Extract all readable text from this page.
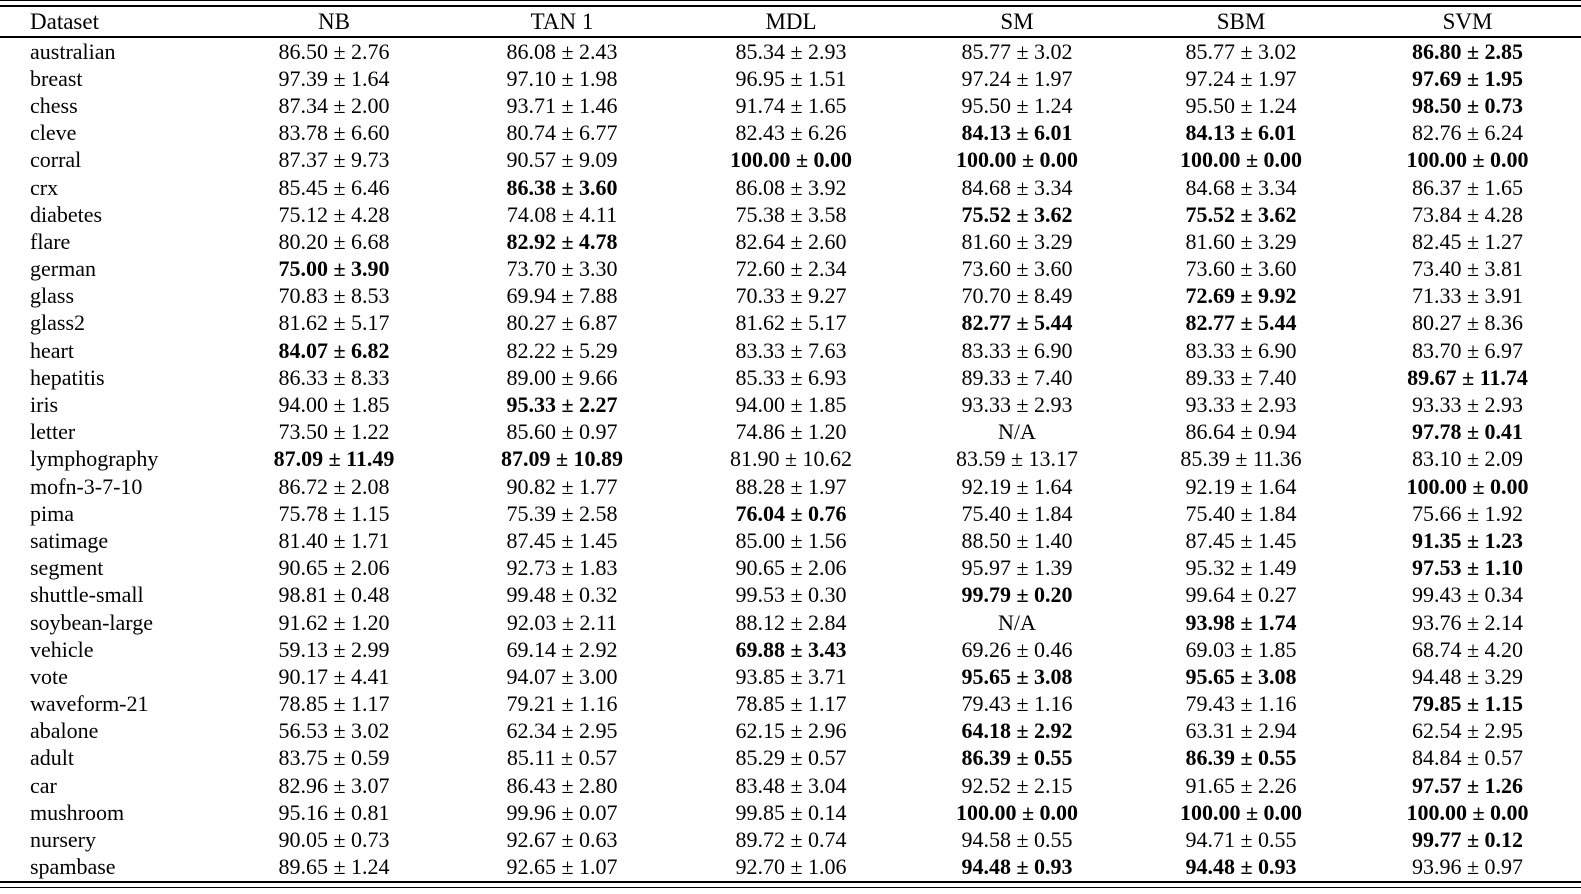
Dataset	NB	TAN 1	MDL	SM	SBM	SVM
australian	86.50 ± 2.76	86.08 ± 2.43	85.34 ± 2.93	85.77 ± 3.02	85.77 ± 3.02	86.80 ± 2.85
breast	97.39 ± 1.64	97.10 ± 1.98	96.95 ± 1.51	97.24 ± 1.97	97.24 ± 1.97	97.69 ± 1.95
chess	87.34 ± 2.00	93.71 ± 1.46	91.74 ± 1.65	95.50 ± 1.24	95.50 ± 1.24	98.50 ± 0.73
cleve	83.78 ± 6.60	80.74 ± 6.77	82.43 ± 6.26	84.13 ± 6.01	84.13 ± 6.01	82.76 ± 6.24
corral	87.37 ± 9.73	90.57 ± 9.09	100.00 ± 0.00	100.00 ± 0.00	100.00 ± 0.00	100.00 ± 0.00
crx	85.45 ± 6.46	86.38 ± 3.60	86.08 ± 3.92	84.68 ± 3.34	84.68 ± 3.34	86.37 ± 1.65
diabetes	75.12 ± 4.28	74.08 ± 4.11	75.38 ± 3.58	75.52 ± 3.62	75.52 ± 3.62	73.84 ± 4.28
flare	80.20 ± 6.68	82.92 ± 4.78	82.64 ± 2.60	81.60 ± 3.29	81.60 ± 3.29	82.45 ± 1.27
german	75.00 ± 3.90	73.70 ± 3.30	72.60 ± 2.34	73.60 ± 3.60	73.60 ± 3.60	73.40 ± 3.81
glass	70.83 ± 8.53	69.94 ± 7.88	70.33 ± 9.27	70.70 ± 8.49	72.69 ± 9.92	71.33 ± 3.91
glass2	81.62 ± 5.17	80.27 ± 6.87	81.62 ± 5.17	82.77 ± 5.44	82.77 ± 5.44	80.27 ± 8.36
heart	84.07 ± 6.82	82.22 ± 5.29	83.33 ± 7.63	83.33 ± 6.90	83.33 ± 6.90	83.70 ± 6.97
hepatitis	86.33 ± 8.33	89.00 ± 9.66	85.33 ± 6.93	89.33 ± 7.40	89.33 ± 7.40	89.67 ± 11.74
iris	94.00 ± 1.85	95.33 ± 2.27	94.00 ± 1.85	93.33 ± 2.93	93.33 ± 2.93	93.33 ± 2.93
letter	73.50 ± 1.22	85.60 ± 0.97	74.86 ± 1.20	N/A	86.64 ± 0.94	97.78 ± 0.41
lymphography	87.09 ± 11.49	87.09 ± 10.89	81.90 ± 10.62	83.59 ± 13.17	85.39 ± 11.36	83.10 ± 2.09
mofn-3-7-10	86.72 ± 2.08	90.82 ± 1.77	88.28 ± 1.97	92.19 ± 1.64	92.19 ± 1.64	100.00 ± 0.00
pima	75.78 ± 1.15	75.39 ± 2.58	76.04 ± 0.76	75.40 ± 1.84	75.40 ± 1.84	75.66 ± 1.92
satimage	81.40 ± 1.71	87.45 ± 1.45	85.00 ± 1.56	88.50 ± 1.40	87.45 ± 1.45	91.35 ± 1.23
segment	90.65 ± 2.06	92.73 ± 1.83	90.65 ± 2.06	95.97 ± 1.39	95.32 ± 1.49	97.53 ± 1.10
shuttle-small	98.81 ± 0.48	99.48 ± 0.32	99.53 ± 0.30	99.79 ± 0.20	99.64 ± 0.27	99.43 ± 0.34
soybean-large	91.62 ± 1.20	92.03 ± 2.11	88.12 ± 2.84	N/A	93.98 ± 1.74	93.76 ± 2.14
vehicle	59.13 ± 2.99	69.14 ± 2.92	69.88 ± 3.43	69.26 ± 0.46	69.03 ± 1.85	68.74 ± 4.20
vote	90.17 ± 4.41	94.07 ± 3.00	93.85 ± 3.71	95.65 ± 3.08	95.65 ± 3.08	94.48 ± 3.29
waveform-21	78.85 ± 1.17	79.21 ± 1.16	78.85 ± 1.17	79.43 ± 1.16	79.43 ± 1.16	79.85 ± 1.15
abalone	56.53 ± 3.02	62.34 ± 2.95	62.15 ± 2.96	64.18 ± 2.92	63.31 ± 2.94	62.54 ± 2.95
adult	83.75 ± 0.59	85.11 ± 0.57	85.29 ± 0.57	86.39 ± 0.55	86.39 ± 0.55	84.84 ± 0.57
car	82.96 ± 3.07	86.43 ± 2.80	83.48 ± 3.04	92.52 ± 2.15	91.65 ± 2.26	97.57 ± 1.26
mushroom	95.16 ± 0.81	99.96 ± 0.07	99.85 ± 0.14	100.00 ± 0.00	100.00 ± 0.00	100.00 ± 0.00
nursery	90.05 ± 0.73	92.67 ± 0.63	89.72 ± 0.74	94.58 ± 0.55	94.71 ± 0.55	99.77 ± 0.12
spambase	89.65 ± 1.24	92.65 ± 1.07	92.70 ± 1.06	94.48 ± 0.93	94.48 ± 0.93	93.96 ± 0.97
